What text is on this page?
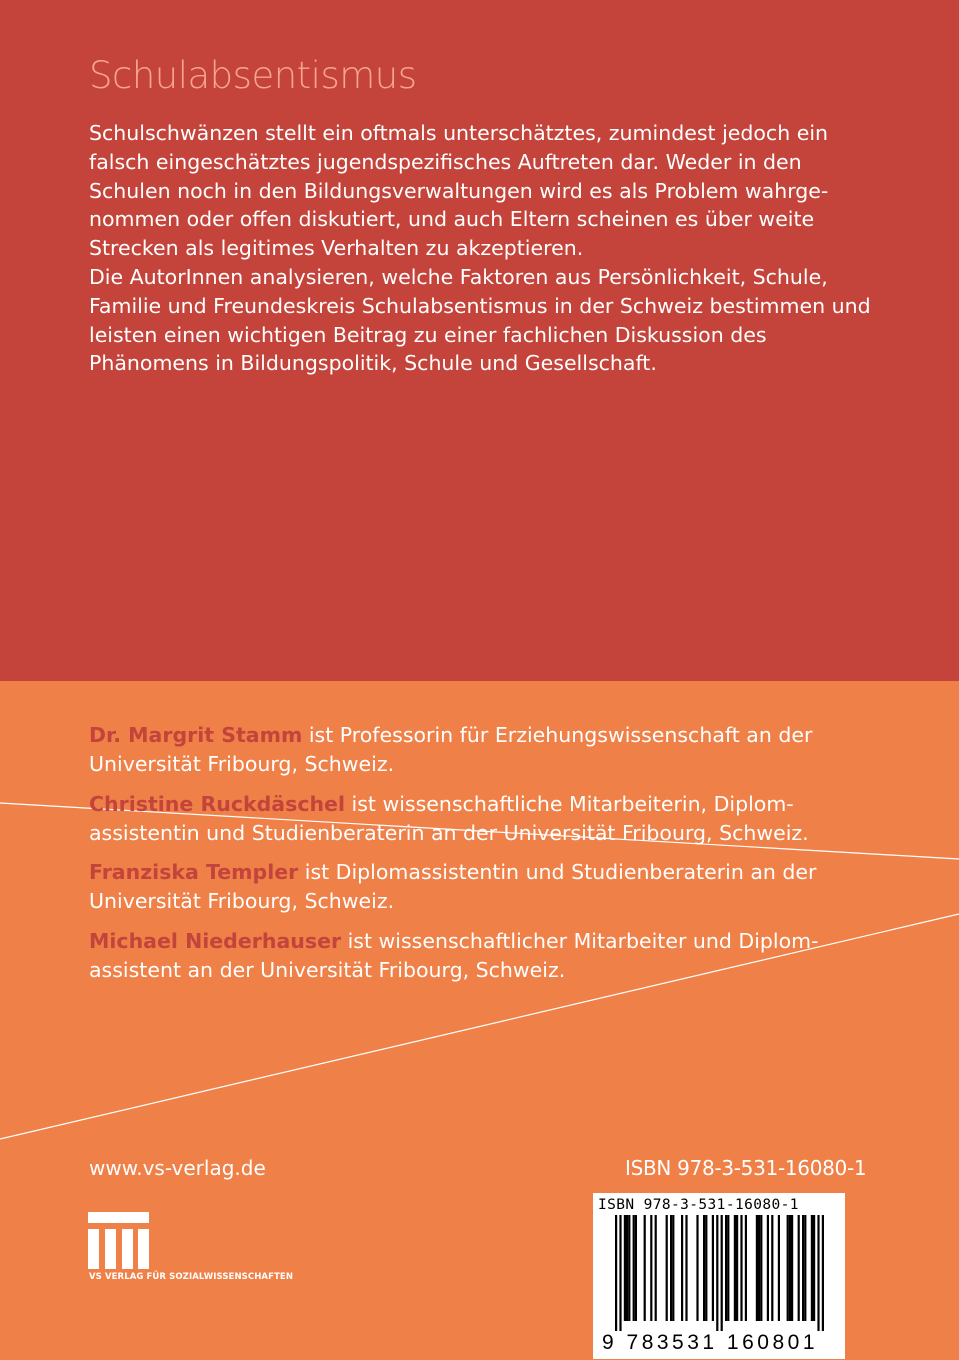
Schulabsentismus

Schulschwänzen stellt ein oftmals unterschätztes, zumindest jedoch ein falsch eingeschätztes jugendspezifisches Auftreten dar. Weder in den Schulen noch in den Bildungsverwaltungen wird es als Problem wahrge-nommen oder offen diskutiert, und auch Eltern scheinen es über weite Strecken als legitimes Verhalten zu akzeptieren.

Die AutorInnen analysieren, welche Faktoren aus Persönlichkeit, Schule, Familie und Freundeskreis Schulabsentismus in der Schweiz bestimmen und leisten einen wichtigen Beitrag zu einer fachlichen Diskussion des Phänomens in Bildungspolitik, Schule und Gesellschaft.

Dr. Margrit Stamm ist Professorin für Erziehungswissenschaft an der Universität Fribourg, Schweiz.

Christine Ruckdäschel ist wissenschaftliche Mitarbeiterin, Diplom-assistentin und Studienberaterin an der Universität Fribourg, Schweiz.

Franziska Templer ist Diplomassistentin und Studienberaterin an der Universität Fribourg, Schweiz.

Michael Niederhauser ist wissenschaftlicher Mitarbeiter und Diplom-assistent an der Universität Fribourg, Schweiz.

www.vs-verlag.de	ISBN 978-3-531-16080-1
VS VERLAG FÜR SOZIALWISSENSCHAFTEN
ISBN 978-3-531-16080-1
9 783531 160801
